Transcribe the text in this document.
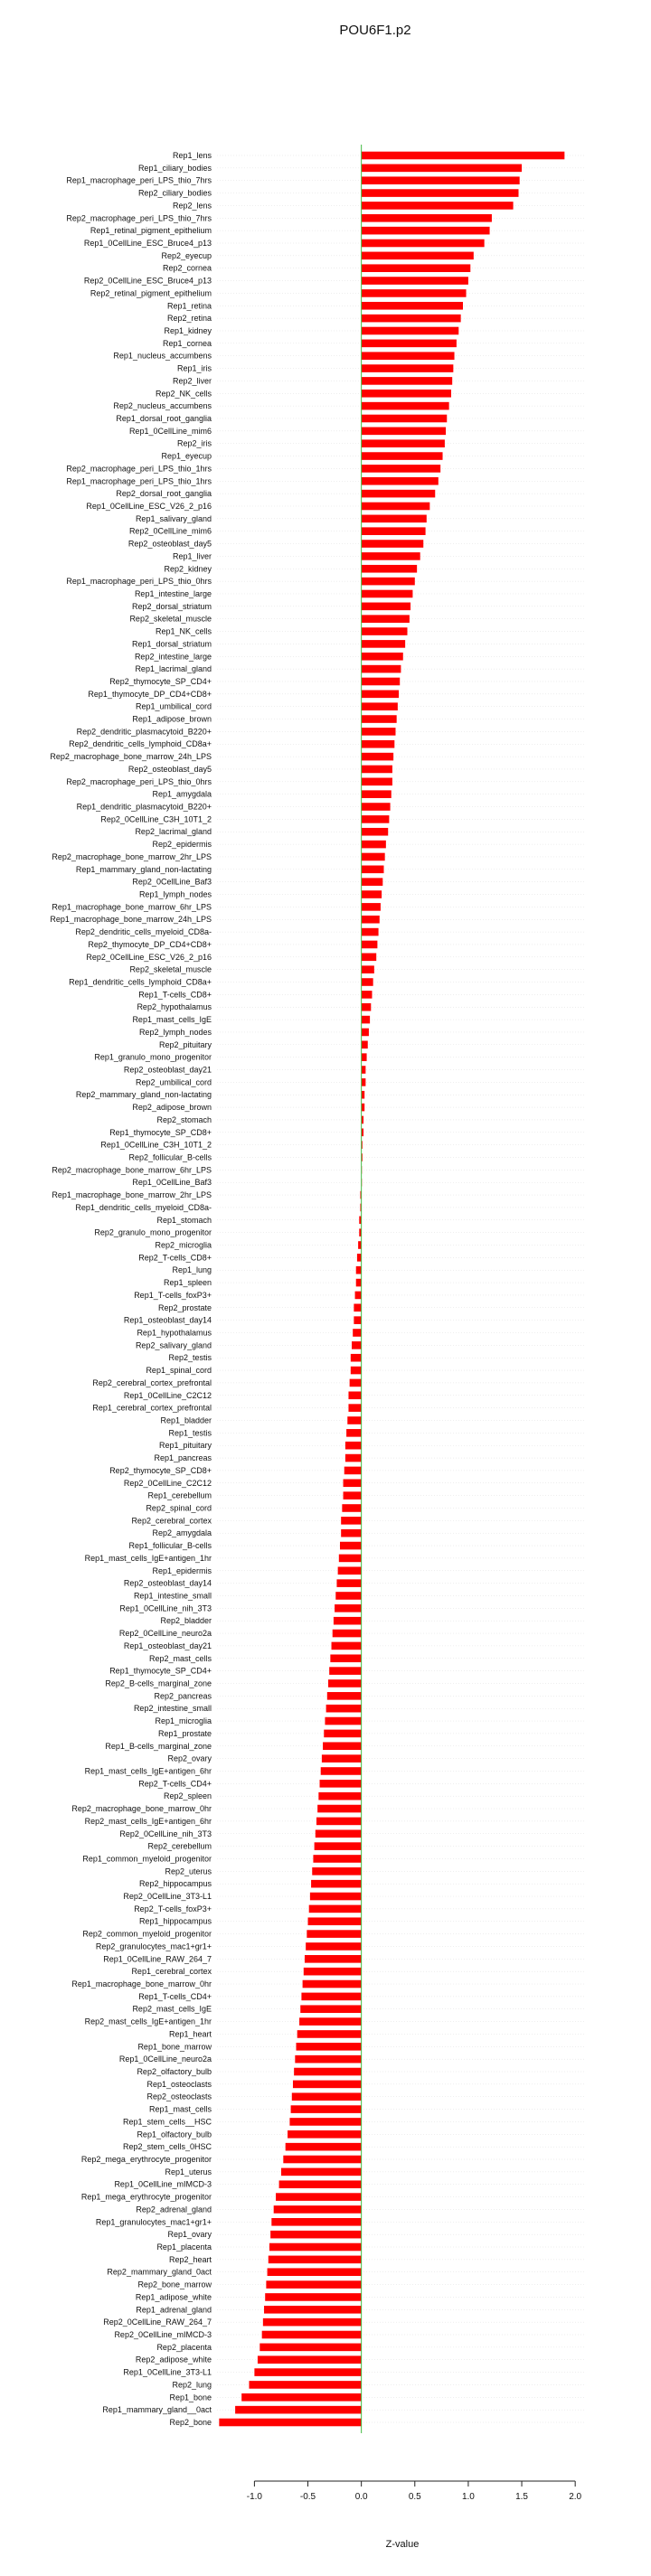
POU6F1.p2
Rep1_lens
Rep1_ciliary_bodies
Rep1_macrophage_peri_LPS_thio_7hrs
Rep2_ciliary_bodies
Rep2_lens
Rep2_macrophage_peri_LPS_thio_7hrs
Rep1_retinal_pigment_epithelium
Rep1_0CellLine_ESC_Bruce4_p13
Rep2_eyecup
Rep2_cornea
Rep2_0CellLine_ESC_Bruce4_p13
Rep2_retinal_pigment_epithelium
Rep1_retina
Rep2_retina
Rep1_kidney
Rep1_cornea
Rep1_nucleus_accumbens
Rep1_iris
Rep2_liver
Rep2_NK_cells
Rep2_nucleus_accumbens
Rep1_dorsal_root_ganglia
Rep1_0CellLine_mim6
Rep2_iris
Rep1_eyecup
Rep2_macrophage_peri_LPS_thio_1hrs
Rep1_macrophage_peri_LPS_thio_1hrs
Rep2_dorsal_root_ganglia
Rep1_0CellLine_ESC_V26_2_p16
Rep1_salivary_gland
Rep2_0CellLine_mim6
Rep2_osteoblast_day5
Rep1_liver
Rep2_kidney
Rep1_macrophage_peri_LPS_thio_0hrs
Rep1_intestine_large
Rep2_dorsal_striatum
Rep2_skeletal_muscle
Rep1_NK_cells
Rep1_dorsal_striatum
Rep2_intestine_large
Rep1_lacrimal_gland
Rep2_thymocyte_SP_CD4+
Rep1_thymocyte_DP_CD4+CD8+
Rep1_umbilical_cord
Rep1_adipose_brown
Rep2_dendritic_plasmacytoid_B220+
Rep2_dendritic_cells_lymphoid_CD8a+
Rep2_macrophage_bone_marrow_24h_LPS
Rep2_osteoblast_day5
Rep2_macrophage_peri_LPS_thio_0hrs
Rep1_amygdala
Rep1_dendritic_plasmacytoid_B220+
Rep2_0CellLine_C3H_10T1_2
Rep2_lacrimal_gland
Rep2_epidermis
Rep2_macrophage_bone_marrow_2hr_LPS
Rep1_mammary_gland_non-lactating
Rep2_0CellLine_Baf3
Rep1_lymph_nodes
Rep1_macrophage_bone_marrow_6hr_LPS
Rep1_macrophage_bone_marrow_24h_LPS
Rep2_dendritic_cells_myeloid_CD8a-
Rep2_thymocyte_DP_CD4+CD8+
Rep2_0CellLine_ESC_V26_2_p16
Rep2_skeletal_muscle
Rep1_dendritic_cells_lymphoid_CD8a+
Rep1_T-cells_CD8+
Rep2_hypothalamus
Rep1_mast_cells_IgE
Rep2_lymph_nodes
Rep2_pituitary
Rep1_granulo_mono_progenitor
Rep2_osteoblast_day21
Rep2_umbilical_cord
Rep2_mammary_gland_non-lactating
Rep2_adipose_brown
Rep2_stomach
Rep1_thymocyte_SP_CD8+
Rep1_0CellLine_C3H_10T1_2
Rep2_follicular_B-cells
Rep2_macrophage_bone_marrow_6hr_LPS
Rep1_0CellLine_Baf3
Rep1_macrophage_bone_marrow_2hr_LPS
Rep1_dendritic_cells_myeloid_CD8a-
Rep1_stomach
Rep2_granulo_mono_progenitor
Rep2_microglia
Rep2_T-cells_CD8+
Rep1_lung
Rep1_spleen
Rep1_T-cells_foxP3+
Rep2_prostate
Rep1_osteoblast_day14
Rep1_hypothalamus
Rep2_salivary_gland
Rep2_testis
Rep1_spinal_cord
Rep2_cerebral_cortex_prefrontal
Rep1_0CellLine_C2C12
Rep1_cerebral_cortex_prefrontal
Rep1_bladder
Rep1_testis
Rep1_pituitary
Rep1_pancreas
Rep2_thymocyte_SP_CD8+
Rep2_0CellLine_C2C12
Rep1_cerebellum
Rep2_spinal_cord
Rep2_cerebral_cortex
Rep2_amygdala
Rep1_follicular_B-cells
Rep1_mast_cells_IgE+antigen_1hr
Rep1_epidermis
Rep2_osteoblast_day14
Rep1_intestine_small
Rep1_0CellLine_nih_3T3
Rep2_bladder
Rep2_0CellLine_neuro2a
Rep1_osteoblast_day21
Rep2_mast_cells
Rep1_thymocyte_SP_CD4+
Rep2_B-cells_marginal_zone
Rep2_pancreas
Rep2_intestine_small
Rep1_microglia
Rep1_prostate
Rep1_B-cells_marginal_zone
Rep2_ovary
Rep1_mast_cells_IgE+antigen_6hr
Rep2_T-cells_CD4+
Rep2_spleen
Rep2_macrophage_bone_marrow_0hr
Rep2_mast_cells_IgE+antigen_6hr
Rep2_0CellLine_nih_3T3
Rep2_cerebellum
Rep1_common_myeloid_progenitor
Rep2_uterus
Rep2_hippocampus
Rep2_0CellLine_3T3-L1
Rep2_T-cells_foxP3+
Rep1_hippocampus
Rep2_common_myeloid_progenitor
Rep2_granulocytes_mac1+gr1+
Rep1_0CellLine_RAW_264_7
Rep1_cerebral_cortex
Rep1_macrophage_bone_marrow_0hr
Rep1_T-cells_CD4+
Rep2_mast_cells_IgE
Rep2_mast_cells_IgE+antigen_1hr
Rep1_heart
Rep1_bone_marrow
Rep1_0CellLine_neuro2a
Rep2_olfactory_bulb
Rep1_osteoclasts
Rep2_osteoclasts
Rep1_mast_cells
Rep1_stem_cells__HSC
Rep1_olfactory_bulb
Rep2_stem_cells_0HSC
Rep2_mega_erythrocyte_progenitor
Rep1_uterus
Rep1_0CellLine_mIMCD-3
Rep1_mega_erythrocyte_progenitor
Rep2_adrenal_gland
Rep1_granulocytes_mac1+gr1+
Rep1_ovary
Rep1_placenta
Rep2_heart
Rep2_mammary_gland_0act
Rep2_bone_marrow
Rep1_adipose_white
Rep1_adrenal_gland
Rep2_0CellLine_RAW_264_7
Rep2_0CellLine_mIMCD-3
Rep2_placenta
Rep2_adipose_white
Rep1_0CellLine_3T3-L1
Rep2_lung
Rep1_bone
Rep1_mammary_gland__0act
Rep2_bone
-1.0	-0.5	0.0	0.5	1.0	1.5	2.0
Z-value
